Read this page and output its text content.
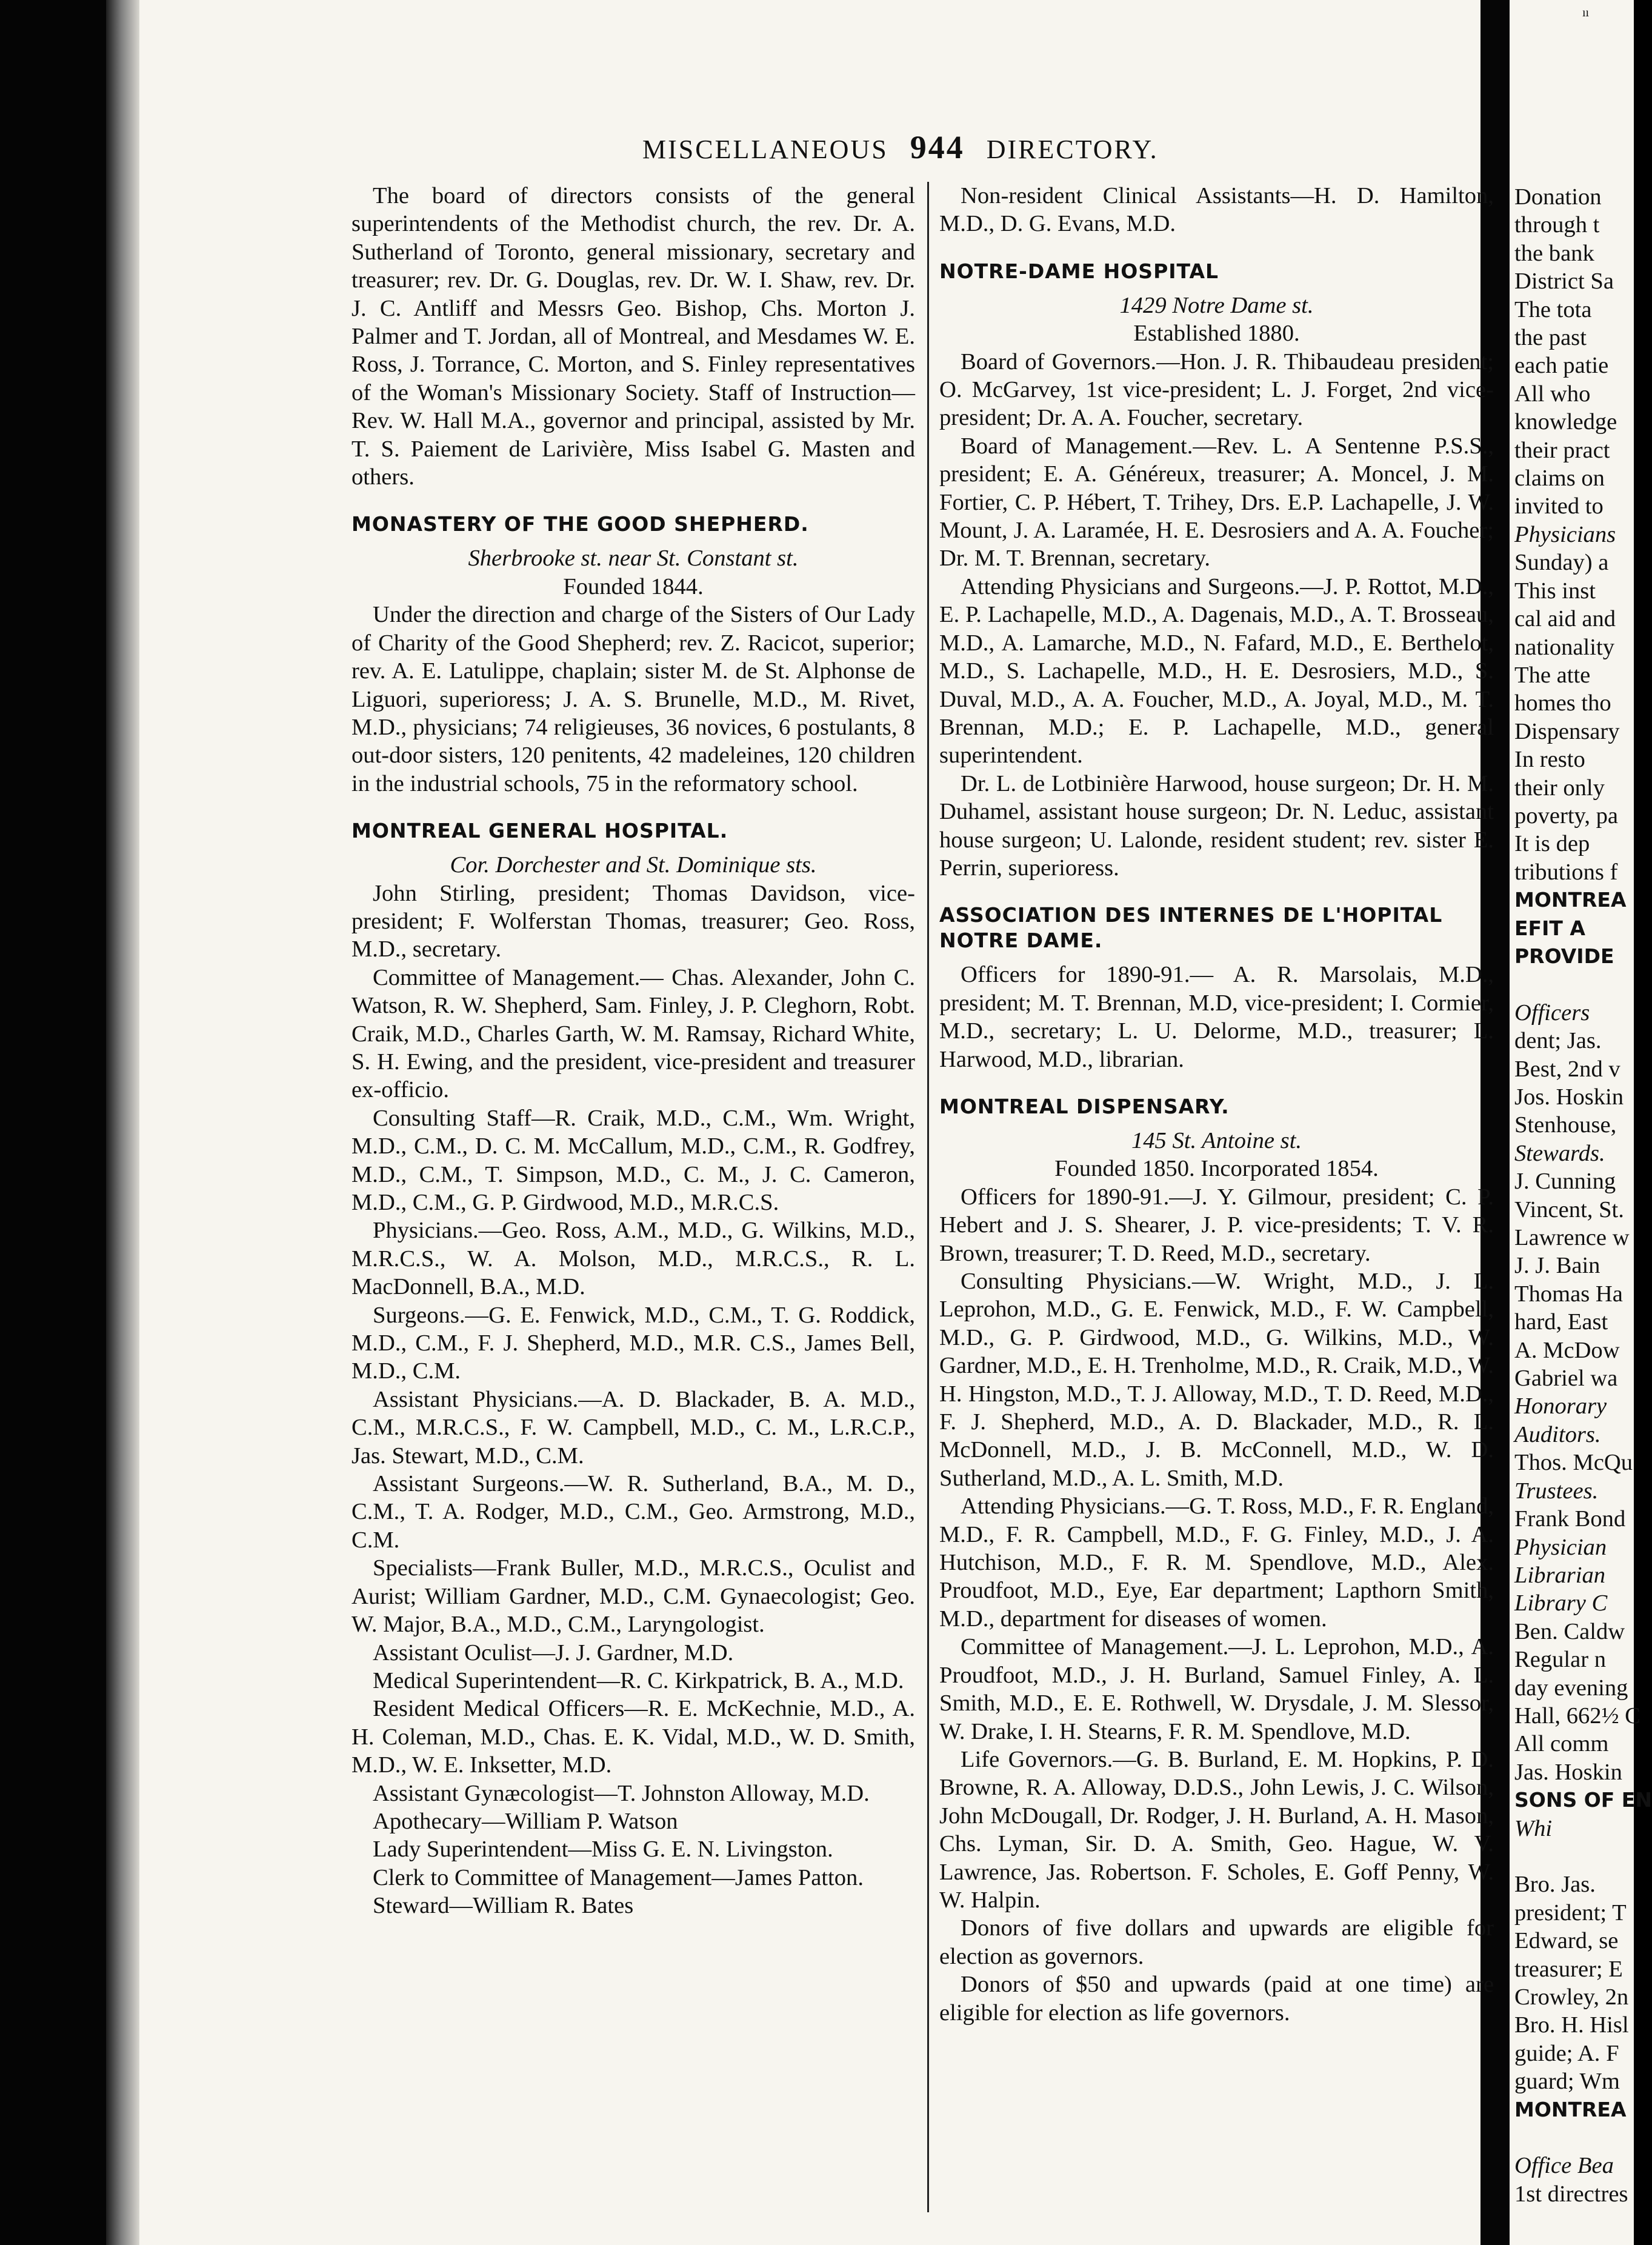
MISCELLANEOUS 944 DIRECTORY.

The board of directors consists of the general superintendents of the Methodist church, the rev. Dr. A. Sutherland of Toronto, general missionary, secretary and treasurer; rev. Dr. G. Douglas, rev. Dr. W. I. Shaw, rev. Dr. J. C. Antliff and Messrs Geo. Bishop, Chs. Morton J. Palmer and T. Jordan, all of Montreal, and Mesdames W. E. Ross, J. Torrance, C. Morton, and S. Finley representatives of the Woman's Missionary Society. Staff of Instruction—Rev. W. Hall M.A., governor and principal, assisted by Mr. T. S. Paiement de Larivière, Miss Isabel G. Masten and others.

MONASTERY OF THE GOOD SHEPHERD.

Sherbrooke st. near St. Constant st.

Founded 1844.

Under the direction and charge of the Sisters of Our Lady of Charity of the Good Shepherd; rev. Z. Racicot, superior; rev. A. E. Latulippe, chaplain; sister M. de St. Alphonse de Liguori, superioress; J. A. S. Brunelle, M.D., M. Rivet, M.D., physicians; 74 religieuses, 36 novices, 6 postulants, 8 out-door sisters, 120 penitents, 42 madeleines, 120 children in the industrial schools, 75 in the reformatory school.

MONTREAL GENERAL HOSPITAL.

Cor. Dorchester and St. Dominique sts.

John Stirling, president; Thomas Davidson, vice-president; F. Wolferstan Thomas, treasurer; Geo. Ross, M.D., secretary.

Committee of Management.— Chas. Alexander, John C. Watson, R. W. Shepherd, Sam. Finley, J. P. Cleghorn, Robt. Craik, M.D., Charles Garth, W. M. Ramsay, Richard White, S. H. Ewing, and the president, vice-president and treasurer ex-officio.

Consulting Staff—R. Craik, M.D., C.M., Wm. Wright, M.D., C.M., D. C. M. McCallum, M.D., C.M., R. Godfrey, M.D., C.M., T. Simpson, M.D., C. M., J. C. Cameron, M.D., C.M., G. P. Girdwood, M.D., M.R.C.S.

Physicians.—Geo. Ross, A.M., M.D., G. Wilkins, M.D., M.R.C.S., W. A. Molson, M.D., M.R.C.S., R. L. MacDonnell, B.A., M.D.

Surgeons.—G. E. Fenwick, M.D., C.M., T. G. Roddick, M.D., C.M., F. J. Shepherd, M.D., M.R. C.S., James Bell, M.D., C.M.

Assistant Physicians.—A. D. Blackader, B. A. M.D., C.M., M.R.C.S., F. W. Campbell, M.D., C. M., L.R.C.P., Jas. Stewart, M.D., C.M.

Assistant Surgeons.—W. R. Sutherland, B.A., M. D., C.M., T. A. Rodger, M.D., C.M., Geo. Armstrong, M.D., C.M.

Specialists—Frank Buller, M.D., M.R.C.S., Oculist and Aurist; William Gardner, M.D., C.M. Gynaecologist; Geo. W. Major, B.A., M.D., C.M., Laryngologist.

Assistant Oculist—J. J. Gardner, M.D.

Medical Superintendent—R. C. Kirkpatrick, B. A., M.D.

Resident Medical Officers—R. E. McKechnie, M.D., A. H. Coleman, M.D., Chas. E. K. Vidal, M.D., W. D. Smith, M.D., W. E. Inksetter, M.D.

Assistant Gynæcologist—T. Johnston Alloway, M.D.

Apothecary—William P. Watson

Lady Superintendent—Miss G. E. N. Livingston.

Clerk to Committee of Management—James Patton.

Steward—William R. Bates

Non-resident Clinical Assistants—H. D. Hamilton, M.D., D. G. Evans, M.D.

NOTRE-DAME HOSPITAL

1429 Notre Dame st.

Established 1880.

Board of Governors.—Hon. J. R. Thibaudeau president; O. McGarvey, 1st vice-president; L. J. Forget, 2nd vice-president; Dr. A. A. Foucher, secretary.

Board of Management.—Rev. L. A Sentenne P.S.S., president; E. A. Généreux, treasurer; A. Moncel, J. M. Fortier, C. P. Hébert, T. Trihey, Drs. E.P. Lachapelle, J. W. Mount, J. A. Laramée, H. E. Desrosiers and A. A. Foucher; Dr. M. T. Brennan, secretary.

Attending Physicians and Surgeons.—J. P. Rottot, M.D., E. P. Lachapelle, M.D., A. Dagenais, M.D., A. T. Brosseau, M.D., A. Lamarche, M.D., N. Fafard, M.D., E. Berthelot, M.D., S. Lachapelle, M.D., H. E. Desrosiers, M.D., S. Duval, M.D., A. A. Foucher, M.D., A. Joyal, M.D., M. T. Brennan, M.D.; E. P. Lachapelle, M.D., general superintendent.

Dr. L. de Lotbinière Harwood, house surgeon; Dr. H. M. Duhamel, assistant house surgeon; Dr. N. Leduc, assistant house surgeon; U. Lalonde, resident student; rev. sister E. Perrin, superioress.

ASSOCIATION DES INTERNES DE L'HOPITAL NOTRE DAME.

Officers for 1890-91.— A. R. Marsolais, M.D., president; M. T. Brennan, M.D, vice-president; I. Cormier, M.D., secretary; L. U. Delorme, M.D., treasurer; L. Harwood, M.D., librarian.

MONTREAL DISPENSARY.

145 St. Antoine st.

Founded 1850. Incorporated 1854.

Officers for 1890-91.—J. Y. Gilmour, president; C. P. Hebert and J. S. Shearer, J. P. vice-presidents; T. V. R. Brown, treasurer; T. D. Reed, M.D., secretary.

Consulting Physicians.—W. Wright, M.D., J. L. Leprohon, M.D., G. E. Fenwick, M.D., F. W. Campbell, M.D., G. P. Girdwood, M.D., G. Wilkins, M.D., W. Gardner, M.D., E. H. Trenholme, M.D., R. Craik, M.D., W. H. Hingston, M.D., T. J. Alloway, M.D., T. D. Reed, M.D., F. J. Shepherd, M.D., A. D. Blackader, M.D., R. L. McDonnell, M.D., J. B. McConnell, M.D., W. D. Sutherland, M.D., A. L. Smith, M.D.

Attending Physicians.—G. T. Ross, M.D., F. R. England, M.D., F. R. Campbell, M.D., F. G. Finley, M.D., J. A. Hutchison, M.D., F. R. M. Spendlove, M.D., Alex. Proudfoot, M.D., Eye, Ear department; Lapthorn Smith, M.D., department for diseases of women.

Committee of Management.—J. L. Leprohon, M.D., A. Proudfoot, M.D., J. H. Burland, Samuel Finley, A. L. Smith, M.D., E. E. Rothwell, W. Drysdale, J. M. Slessor, W. Drake, I. H. Stearns, F. R. M. Spendlove, M.D.

Life Governors.—G. B. Burland, E. M. Hopkins, P. D. Browne, R. A. Alloway, D.D.S., John Lewis, J. C. Wilson, John McDougall, Dr. Rodger, J. H. Burland, A. H. Mason, Chs. Lyman, Sir. D. A. Smith, Geo. Hague, W. V. Lawrence, Jas. Robertson. F. Scholes, E. Goff Penny, W. W. Halpin.

Donors of five dollars and upwards are eligible for election as governors.

Donors of $50 and upwards (paid at one time) are eligible for election as life governors.

ıı
Donation
through t
the bank
District Sa
The tota
the past
each patie
All who
knowledge
their pract
claims on
invited to
Physicians
Sunday) a
This inst
cal aid and
nationality
The atte
homes tho
Dispensary
In resto
their only
poverty, pa
It is dep
tributions f
MONTREA
EFIT A
PROVIDE

Officers
dent; Jas.
Best, 2nd v
Jos. Hoskin
Stenhouse,
Stewards.
J. Cunning
Vincent, St.
Lawrence w
J. J. Bain
Thomas Ha
hard, East
A. McDow
Gabriel wa
Honorary
Auditors.
Thos. McQu
Trustees.
Frank Bond
Physician
Librarian
Library C
Ben. Caldw
Regular n
day evening
Hall, 662½ C
All comm
Jas. Hoskin
SONS OF EN
Whi

Bro. Jas.
president; T
Edward, se
treasurer; E
Crowley, 2n
Bro. H. Hisl
guide; A. F
guard; Wm
MONTREA

Office Bea
1st directres
